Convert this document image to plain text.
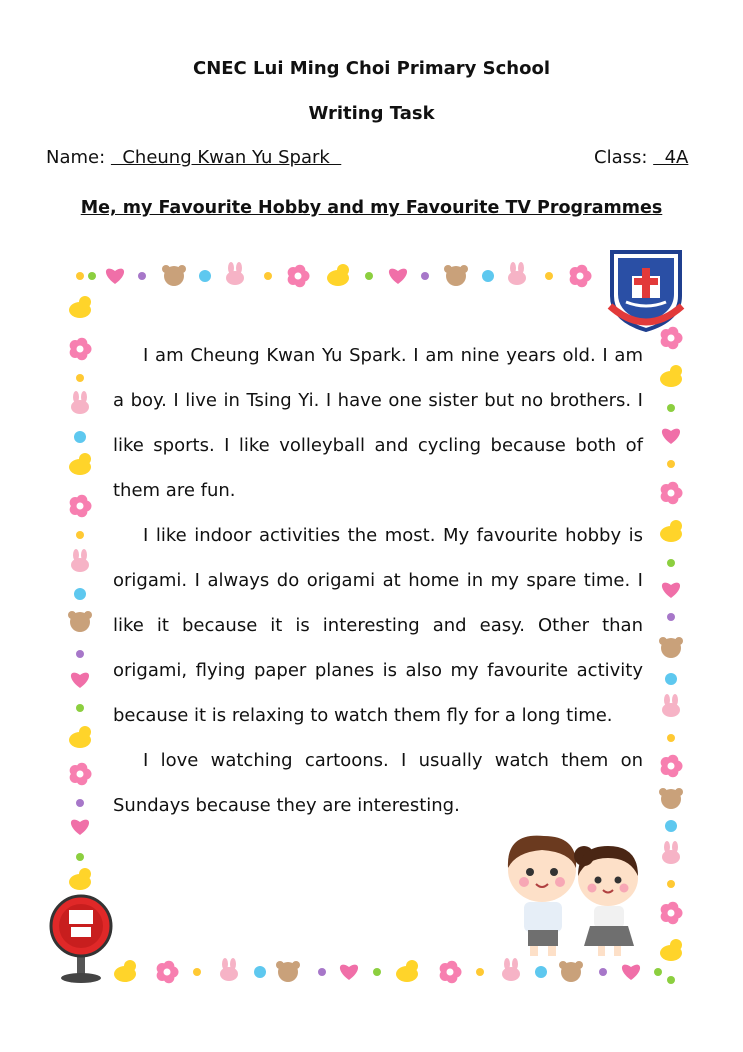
CNEC Lui Ming Choi Primary School
Writing Task
Name:   Cheung Kwan Yu Spark	Class:   4A
Me, my Favourite Hobby and my Favourite TV Programmes

I am Cheung Kwan Yu Spark. I am nine years old. I am a boy. I live in Tsing Yi. I have one sister but no brothers. I like sports. I like volleyball and cycling because both of them are fun.

I like indoor activities the most. My favourite hobby is origami. I always do origami at home in my spare time. I like it because it is interesting and easy. Other than origami, flying paper planes is also my favourite activity because it is relaxing to watch them fly for a long time.

I love watching cartoons. I usually watch them on Sundays because they are interesting.
